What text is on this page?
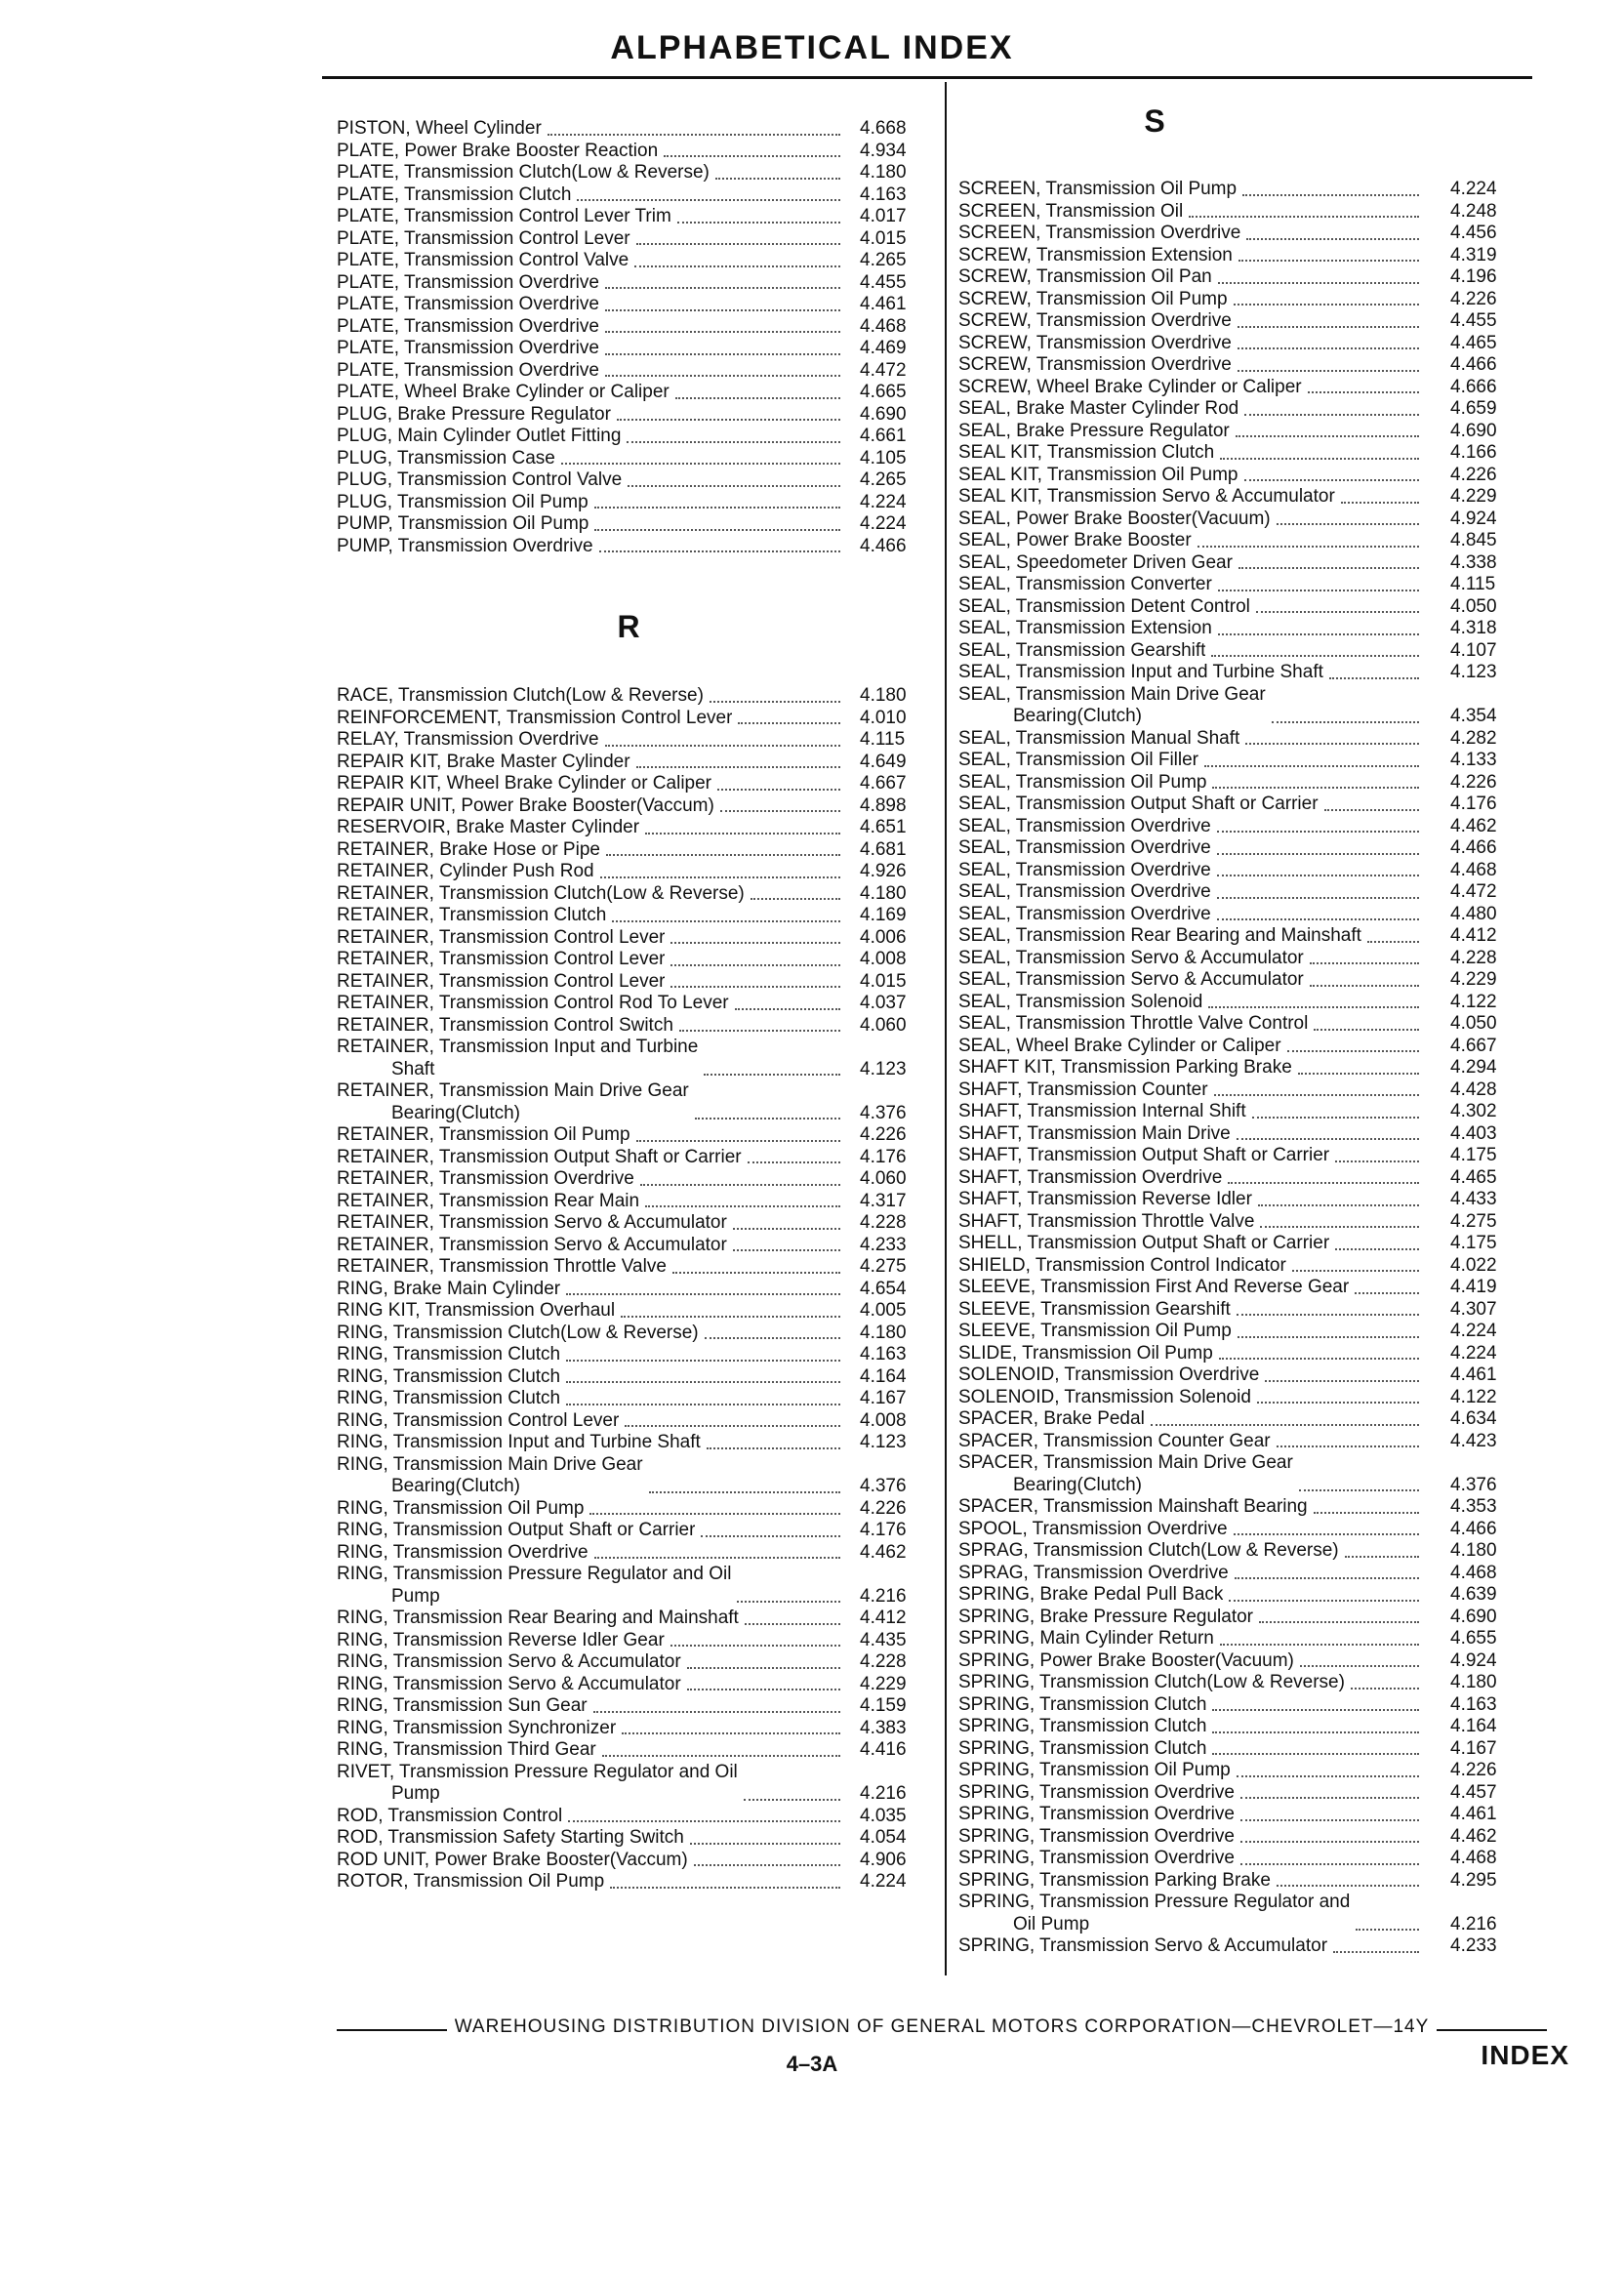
ALPHABETICAL INDEX
PISTON, Wheel Cylinder	4.668
PLATE, Power Brake Booster Reaction	4.934
PLATE, Transmission Clutch(Low & Reverse)	4.180
PLATE, Transmission Clutch	4.163
PLATE, Transmission Control Lever Trim	4.017
PLATE, Transmission Control Lever	4.015
PLATE, Transmission Control Valve	4.265
PLATE, Transmission Overdrive	4.455
PLATE, Transmission Overdrive	4.461
PLATE, Transmission Overdrive	4.468
PLATE, Transmission Overdrive	4.469
PLATE, Transmission Overdrive	4.472
PLATE, Wheel Brake Cylinder or Caliper	4.665
PLUG, Brake Pressure Regulator	4.690
PLUG, Main Cylinder Outlet Fitting	4.661
PLUG, Transmission Case	4.105
PLUG, Transmission Control Valve	4.265
PLUG, Transmission Oil Pump	4.224
PUMP, Transmission Oil Pump	4.224
PUMP, Transmission Overdrive	4.466
R
RACE, Transmission Clutch(Low & Reverse)	4.180
REINFORCEMENT, Transmission Control Lever	4.010
RELAY, Transmission Overdrive	4.115
REPAIR KIT, Brake Master Cylinder	4.649
REPAIR KIT, Wheel Brake Cylinder or Caliper	4.667
REPAIR UNIT, Power Brake Booster(Vaccum)	4.898
RESERVOIR, Brake Master Cylinder	4.651
RETAINER, Brake Hose or Pipe	4.681
RETAINER, Cylinder Push Rod	4.926
RETAINER, Transmission Clutch(Low & Reverse)	4.180
RETAINER, Transmission Clutch	4.169
RETAINER, Transmission Control Lever	4.006
RETAINER, Transmission Control Lever	4.008
RETAINER, Transmission Control Lever	4.015
RETAINER, Transmission Control Rod To Lever	4.037
RETAINER, Transmission Control Switch	4.060
RETAINER, Transmission Input and Turbine
Shaft	4.123
RETAINER, Transmission Main Drive Gear
Bearing(Clutch)	4.376
RETAINER, Transmission Oil Pump	4.226
RETAINER, Transmission Output Shaft or Carrier	4.176
RETAINER, Transmission Overdrive	4.060
RETAINER, Transmission Rear Main	4.317
RETAINER, Transmission Servo & Accumulator	4.228
RETAINER, Transmission Servo & Accumulator	4.233
RETAINER, Transmission Throttle Valve	4.275
RING, Brake Main Cylinder	4.654
RING KIT, Transmission Overhaul	4.005
RING, Transmission Clutch(Low & Reverse)	4.180
RING, Transmission Clutch	4.163
RING, Transmission Clutch	4.164
RING, Transmission Clutch	4.167
RING, Transmission Control Lever	4.008
RING, Transmission Input and Turbine Shaft	4.123
RING, Transmission Main Drive Gear
Bearing(Clutch)	4.376
RING, Transmission Oil Pump	4.226
RING, Transmission Output Shaft or Carrier	4.176
RING, Transmission Overdrive	4.462
RING, Transmission Pressure Regulator and Oil
Pump	4.216
RING, Transmission Rear Bearing and Mainshaft	4.412
RING, Transmission Reverse Idler Gear	4.435
RING, Transmission Servo & Accumulator	4.228
RING, Transmission Servo & Accumulator	4.229
RING, Transmission Sun Gear	4.159
RING, Transmission Synchronizer	4.383
RING, Transmission Third Gear	4.416
RIVET, Transmission Pressure Regulator and Oil
Pump	4.216
ROD, Transmission Control	4.035
ROD, Transmission Safety Starting Switch	4.054
ROD UNIT, Power Brake Booster(Vaccum)	4.906
ROTOR, Transmission Oil Pump	4.224
S
SCREEN, Transmission Oil Pump	4.224
SCREEN, Transmission Oil	4.248
SCREEN, Transmission Overdrive	4.456
SCREW, Transmission Extension	4.319
SCREW, Transmission Oil Pan	4.196
SCREW, Transmission Oil Pump	4.226
SCREW, Transmission Overdrive	4.455
SCREW, Transmission Overdrive	4.465
SCREW, Transmission Overdrive	4.466
SCREW, Wheel Brake Cylinder or Caliper	4.666
SEAL, Brake Master Cylinder Rod	4.659
SEAL, Brake Pressure Regulator	4.690
SEAL KIT, Transmission Clutch	4.166
SEAL KIT, Transmission Oil Pump	4.226
SEAL KIT, Transmission Servo & Accumulator	4.229
SEAL, Power Brake Booster(Vacuum)	4.924
SEAL, Power Brake Booster	4.845
SEAL, Speedometer Driven Gear	4.338
SEAL, Transmission Converter	4.115
SEAL, Transmission Detent Control	4.050
SEAL, Transmission Extension	4.318
SEAL, Transmission Gearshift	4.107
SEAL, Transmission Input and Turbine Shaft	4.123
SEAL, Transmission Main Drive Gear
Bearing(Clutch)	4.354
SEAL, Transmission Manual Shaft	4.282
SEAL, Transmission Oil Filler	4.133
SEAL, Transmission Oil Pump	4.226
SEAL, Transmission Output Shaft or Carrier	4.176
SEAL, Transmission Overdrive	4.462
SEAL, Transmission Overdrive	4.466
SEAL, Transmission Overdrive	4.468
SEAL, Transmission Overdrive	4.472
SEAL, Transmission Overdrive	4.480
SEAL, Transmission Rear Bearing and Mainshaft	4.412
SEAL, Transmission Servo & Accumulator	4.228
SEAL, Transmission Servo & Accumulator	4.229
SEAL, Transmission Solenoid	4.122
SEAL, Transmission Throttle Valve Control	4.050
SEAL, Wheel Brake Cylinder or Caliper	4.667
SHAFT KIT, Transmission Parking Brake	4.294
SHAFT, Transmission Counter	4.428
SHAFT, Transmission Internal Shift	4.302
SHAFT, Transmission Main Drive	4.403
SHAFT, Transmission Output Shaft or Carrier	4.175
SHAFT, Transmission Overdrive	4.465
SHAFT, Transmission Reverse Idler	4.433
SHAFT, Transmission Throttle Valve	4.275
SHELL, Transmission Output Shaft or Carrier	4.175
SHIELD, Transmission Control Indicator	4.022
SLEEVE, Transmission First And Reverse Gear	4.419
SLEEVE, Transmission Gearshift	4.307
SLEEVE, Transmission Oil Pump	4.224
SLIDE, Transmission Oil Pump	4.224
SOLENOID, Transmission Overdrive	4.461
SOLENOID, Transmission Solenoid	4.122
SPACER, Brake Pedal	4.634
SPACER, Transmission Counter Gear	4.423
SPACER, Transmission Main Drive Gear
Bearing(Clutch)	4.376
SPACER, Transmission Mainshaft Bearing	4.353
SPOOL, Transmission Overdrive	4.466
SPRAG, Transmission Clutch(Low & Reverse)	4.180
SPRAG, Transmission Overdrive	4.468
SPRING, Brake Pedal Pull Back	4.639
SPRING, Brake Pressure Regulator	4.690
SPRING, Main Cylinder Return	4.655
SPRING, Power Brake Booster(Vacuum)	4.924
SPRING, Transmission Clutch(Low & Reverse)	4.180
SPRING, Transmission Clutch	4.163
SPRING, Transmission Clutch	4.164
SPRING, Transmission Clutch	4.167
SPRING, Transmission Oil Pump	4.226
SPRING, Transmission Overdrive	4.457
SPRING, Transmission Overdrive	4.461
SPRING, Transmission Overdrive	4.462
SPRING, Transmission Overdrive	4.468
SPRING, Transmission Parking Brake	4.295
SPRING, Transmission Pressure Regulator and
Oil Pump	4.216
SPRING, Transmission Servo & Accumulator	4.233
WAREHOUSING DISTRIBUTION DIVISION OF GENERAL MOTORS CORPORATION—CHEVROLET—14Y
4–3A	INDEX
